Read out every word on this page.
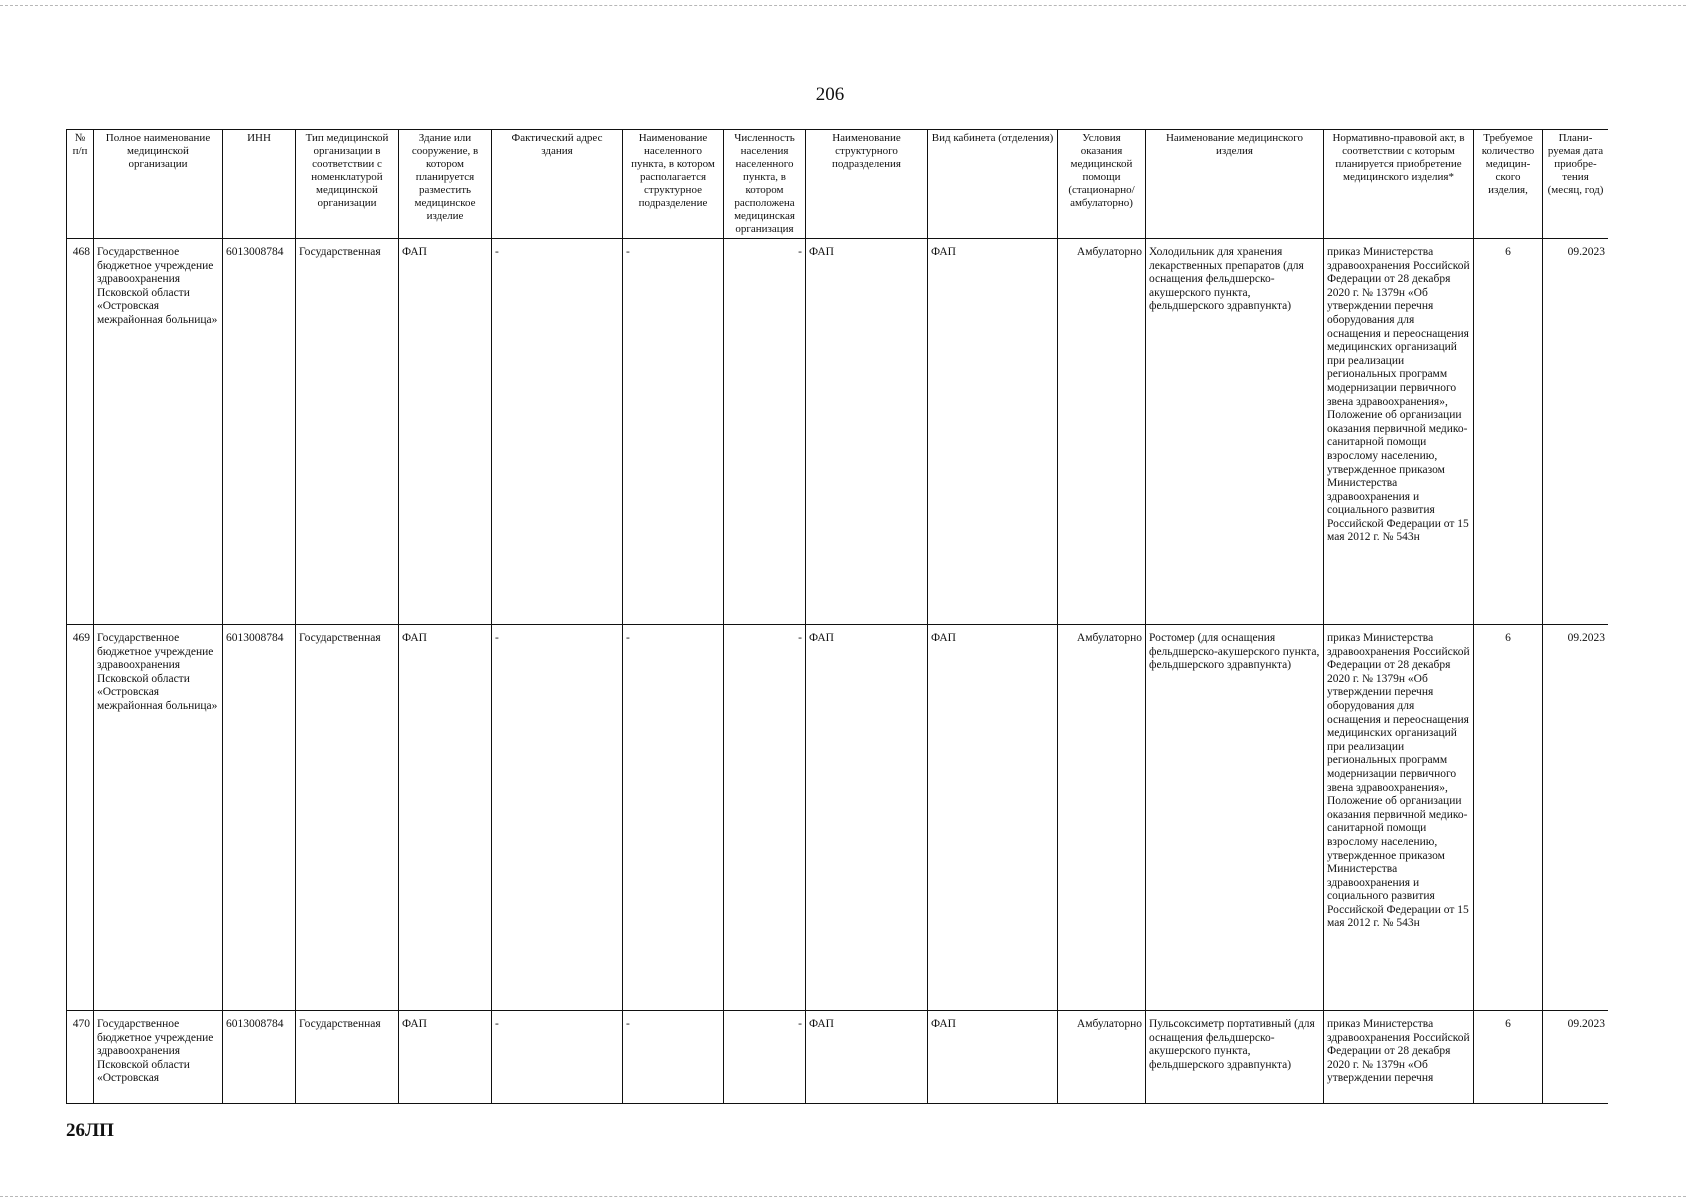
206
№ п/п	Полное наименование медицинской организации	ИНН	Тип медицинской организации в соответствии с номенклатурой медицинской организации	Здание или сооружение, в котором планируется разместить медицинское изделие	Фактический адрес здания	Наименование населенного пункта, в котором располагается структурное подразделение	Численность населения населенного пункта, в котором расположена медицинская организация	Наименование структурного подразделения	Вид кабинета (отделения)	Условия оказания медицинской помощи (стационарно/ амбулаторно)	Наименование медицинского изделия	Нормативно-правовой акт, в соответствии с которым планируется приобретение медицинского изделия*	Требуемое количество медицин-ского изделия,	Плани-руемая дата приобре-тения (месяц, год)
468	Государственное бюджетное учреждение здравоохранения Псковской области «Островская межрайонная больница»	6013008784	Государственная	ФАП	-	-	-	ФАП	ФАП	Амбулаторно	Холодильник для хранения лекарственных препаратов (для оснащения фельдшерско-акушерского пункта, фельдшерского здравпункта)	приказ Министерства здравоохранения Российской Федерации от 28 декабря 2020 г. № 1379н «Об утверждении перечня оборудования для оснащения и переоснащения медицинских организаций при реализации региональных программ модернизации первичного звена здравоохранения», Положение об организации оказания первичной медико-санитарной помощи взрослому населению, утвержденное приказом Министерства здравоохранения и социального развития Российской Федерации от 15 мая 2012 г. № 543н	6	09.2023
469	Государственное бюджетное учреждение здравоохранения Псковской области «Островская межрайонная больница»	6013008784	Государственная	ФАП	-	-	-	ФАП	ФАП	Амбулаторно	Ростомер (для оснащения фельдшерско-акушерского пункта, фельдшерского здравпункта)	приказ Министерства здравоохранения Российской Федерации от 28 декабря 2020 г. № 1379н «Об утверждении перечня оборудования для оснащения и переоснащения медицинских организаций при реализации региональных программ модернизации первичного звена здравоохранения», Положение об организации оказания первичной медико-санитарной помощи взрослому населению, утвержденное приказом Министерства здравоохранения и социального развития Российской Федерации от 15 мая 2012 г. № 543н	6	09.2023
470	Государственное бюджетное учреждение здравоохранения Псковской области «Островская	6013008784	Государственная	ФАП	-	-	-	ФАП	ФАП	Амбулаторно	Пульсоксиметр портативный (для оснащения фельдшерско-акушерского пункта, фельдшерского здравпункта)	приказ Министерства здравоохранения Российской Федерации от 28 декабря 2020 г. № 1379н «Об утверждении перечня	6	09.2023
26ЛП
